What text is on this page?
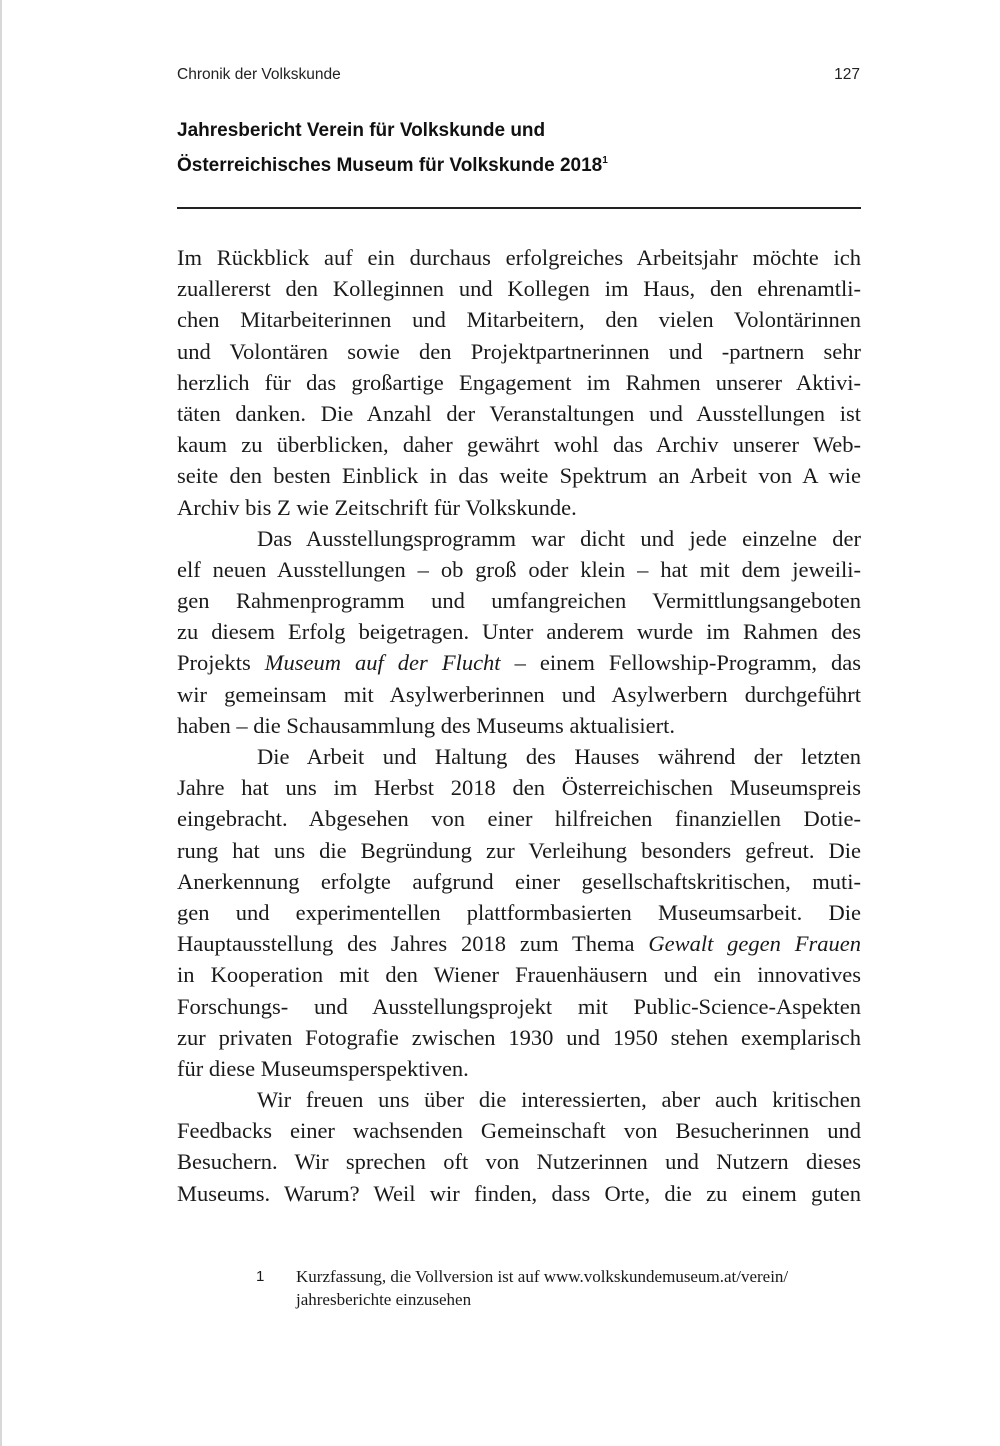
Chronik der Volkskunde	127
Jahresbericht Verein für Volkskunde und
Österreichisches Museum für Volkskunde 2018$^1$
Im Rückblick auf ein durchaus erfolgreiches Arbeitsjahr möchte ich
zuallererst den Kolleginnen und Kollegen im Haus, den ehrenamtli-
chen Mitarbeiterinnen und Mitarbeitern, den vielen Volontärinnen
und Volontären sowie den Projektpartnerinnen und -partnern sehr
herzlich für das großartige Engagement im Rahmen unserer Aktivi-
täten danken. Die Anzahl der Veranstaltungen und Ausstellungen ist
kaum zu überblicken, daher gewährt wohl das Archiv unserer Web-
seite den besten Einblick in das weite Spektrum an Arbeit von A wie
Archiv bis Z wie Zeitschrift für Volkskunde.
Das Ausstellungsprogramm war dicht und jede einzelne der
elf neuen Ausstellungen – ob groß oder klein – hat mit dem jeweili-
gen Rahmenprogramm und umfangreichen Vermittlungsangeboten
zu diesem Erfolg beigetragen. Unter anderem wurde im Rahmen des
Projekts Museum auf der Flucht – einem Fellowship-Programm, das
wir gemeinsam mit Asylwerberinnen und Asylwerbern durchgeführt
haben – die Schausammlung des Museums aktualisiert.
Die Arbeit und Haltung des Hauses während der letzten
Jahre hat uns im Herbst 2018 den Österreichischen Museumspreis
eingebracht. Abgesehen von einer hilfreichen finanziellen Dotie-
rung hat uns die Begründung zur Verleihung besonders gefreut. Die
Anerkennung erfolgte aufgrund einer gesellschaftskritischen, muti-
gen und experimentellen plattformbasierten Museumsarbeit. Die
Hauptausstellung des Jahres 2018 zum Thema Gewalt gegen Frauen
in Kooperation mit den Wiener Frauenhäusern und ein innovatives
Forschungs- und Ausstellungsprojekt mit Public-Science-Aspekten
zur privaten Fotografie zwischen 1930 und 1950 stehen exemplarisch
für diese Museumsperspektiven.
Wir freuen uns über die interessierten, aber auch kritischen
Feedbacks einer wachsenden Gemeinschaft von Besucherinnen und
Besuchern. Wir sprechen oft von Nutzerinnen und Nutzern dieses
Museums. Warum? Weil wir finden, dass Orte, die zu einem guten
1 Kurzfassung, die Vollversion ist auf www.volkskundemuseum.at/verein/
jahresberichte einzusehen
